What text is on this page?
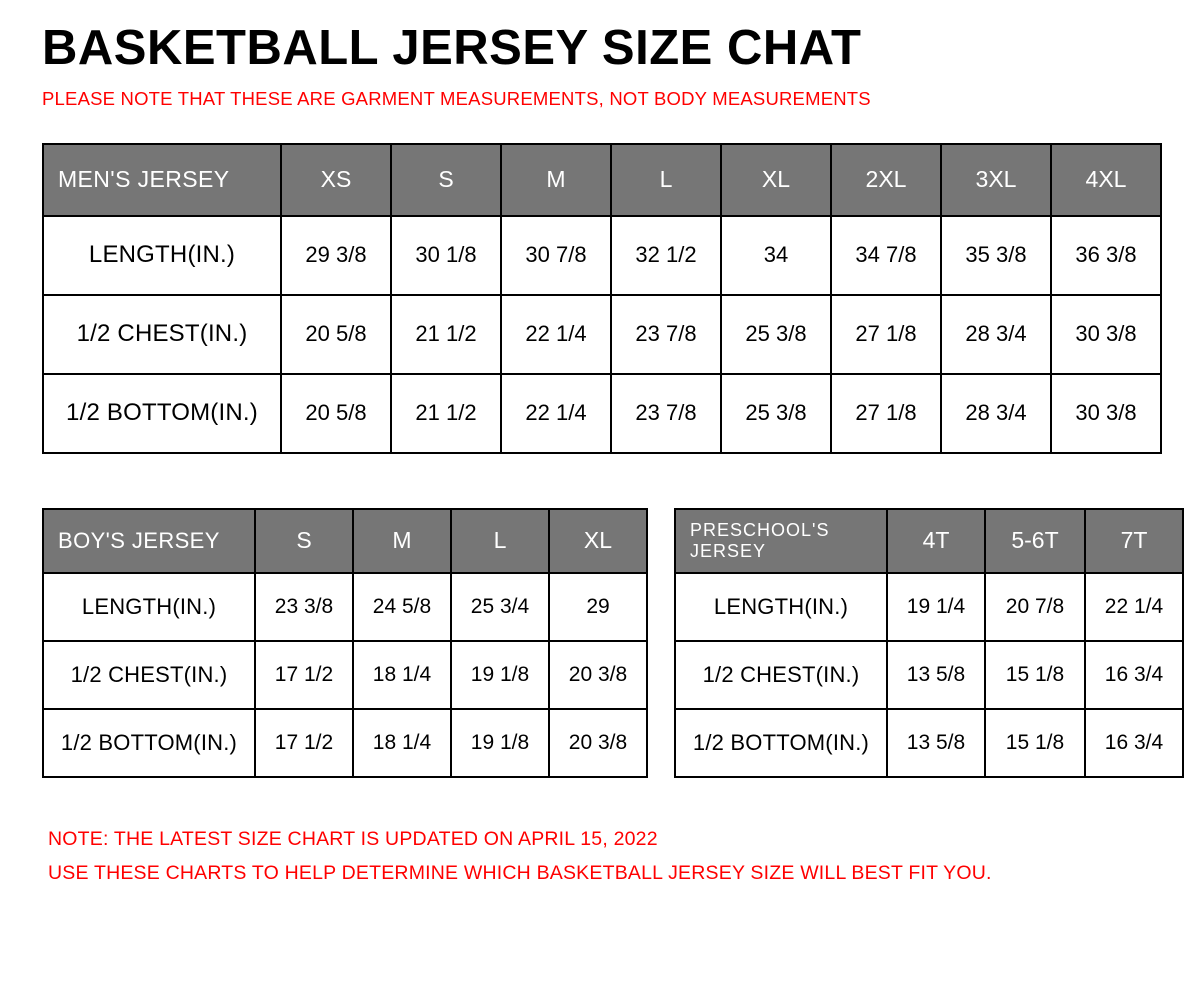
BASKETBALL JERSEY SIZE CHAT

PLEASE NOTE THAT THESE ARE GARMENT MEASUREMENTS, NOT BODY MEASUREMENTS

MEN'S JERSEY	XS	S	M	L	XL	2XL	3XL	4XL
LENGTH(IN.)	29 3/8	30 1/8	30 7/8	32 1/2	34	34 7/8	35 3/8	36 3/8
1/2 CHEST(IN.)	20 5/8	21 1/2	22 1/4	23 7/8	25 3/8	27 1/8	28 3/4	30 3/8
1/2 BOTTOM(IN.)	20 5/8	21 1/2	22 1/4	23 7/8	25 3/8	27 1/8	28 3/4	30 3/8
BOY'S JERSEY	S	M	L	XL
LENGTH(IN.)	23 3/8	24 5/8	25 3/4	29
1/2 CHEST(IN.)	17 1/2	18 1/4	19 1/8	20 3/8
1/2 BOTTOM(IN.)	17 1/2	18 1/4	19 1/8	20 3/8
PRESCHOOL'S JERSEY	4T	5-6T	7T
LENGTH(IN.)	19 1/4	20 7/8	22 1/4
1/2 CHEST(IN.)	13 5/8	15 1/8	16 3/4
1/2 BOTTOM(IN.)	13 5/8	15 1/8	16 3/4
NOTE: THE LATEST SIZE CHART IS UPDATED ON APRIL 15, 2022
USE THESE CHARTS TO HELP DETERMINE WHICH BASKETBALL JERSEY SIZE WILL BEST FIT YOU.
